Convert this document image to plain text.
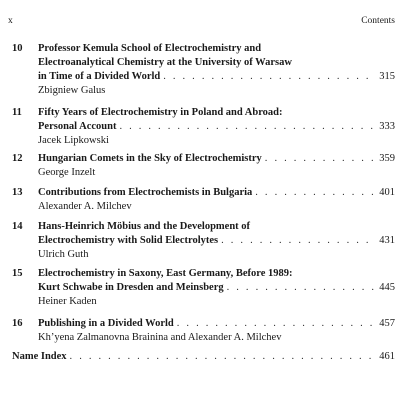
x	Contents
10 Professor Kemula School of Electrochemistry and
Electroanalytical Chemistry at the University of Warsaw
in Time of a Divided World . . .	315
Zbigniew Galus
11 Fifty Years of Electrochemistry in Poland and Abroad:
Personal Account . . .	333
Jacek Lipkowski
12 Hungarian Comets in the Sky of Electrochemistry . . .	359
George Inzelt
13 Contributions from Electrochemists in Bulgaria . . .	401
Alexander A. Milchev
14 Hans-Heinrich Möbius and the Development of
Electrochemistry with Solid Electrolytes . . .	431
Ulrich Guth
15 Electrochemistry in Saxony, East Germany, Before 1989:
Kurt Schwabe in Dresden and Meinsberg . . .	445
Heiner Kaden
16 Publishing in a Divided World . . .	457
Kh’yena Zalmanovna Brainina and Alexander A. Milchev
Name Index . . .	461
